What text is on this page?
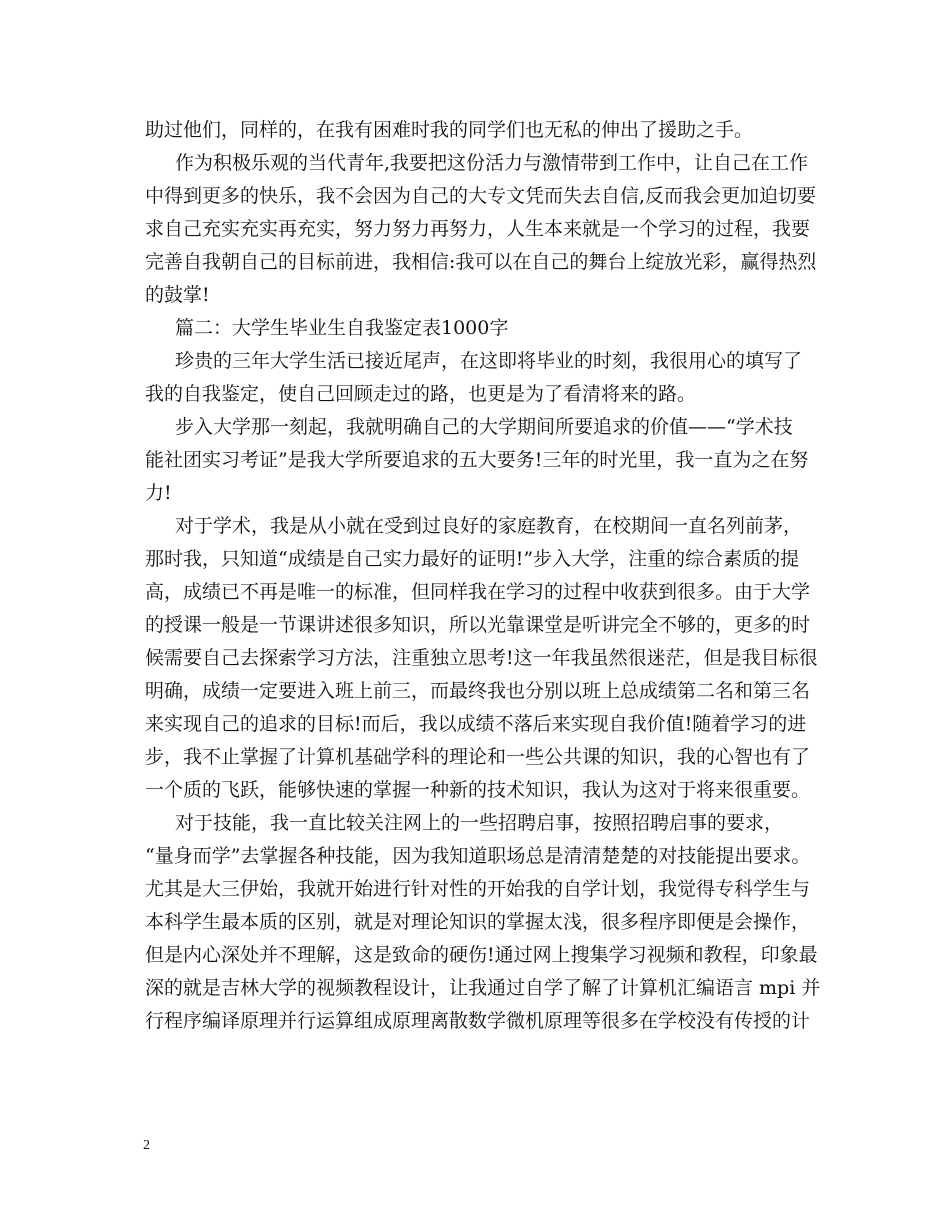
助过他们，同样的，在我有困难时我的同学们也无私的伸出了援助之手。
作为积极乐观的当代青年,我要把这份活力与激情带到工作中，让自己在工作
中得到更多的快乐，我不会因为自己的大专文凭而失去自信,反而我会更加迫切要
求自己充实充实再充实，努力努力再努力，人生本来就是一个学习的过程，我要
完善自我朝自己的目标前进，我相信:我可以在自己的舞台上绽放光彩，赢得热烈
的鼓掌!
篇二：大学生毕业生自我鉴定表1000字
珍贵的三年大学生活已接近尾声，在这即将毕业的时刻，我很用心的填写了
我的自我鉴定，使自己回顾走过的路，也更是为了看清将来的路。
步入大学那一刻起，我就明确自己的大学期间所要追求的价值——“学术技
能社团实习考证”是我大学所要追求的五大要务!三年的时光里，我一直为之在努
力!
对于学术，我是从小就在受到过良好的家庭教育，在校期间一直名列前茅，
那时我，只知道“成绩是自己实力最好的证明!”步入大学，注重的综合素质的提
高，成绩已不再是唯一的标准，但同样我在学习的过程中收获到很多。由于大学
的授课一般是一节课讲述很多知识，所以光靠课堂是听讲完全不够的，更多的时
候需要自己去探索学习方法，注重独立思考!这一年我虽然很迷茫，但是我目标很
明确，成绩一定要进入班上前三，而最终我也分别以班上总成绩第二名和第三名
来实现自己的追求的目标!而后，我以成绩不落后来实现自我价值!随着学习的进
步，我不止掌握了计算机基础学科的理论和一些公共课的知识，我的心智也有了
一个质的飞跃，能够快速的掌握一种新的技术知识，我认为这对于将来很重要。
对于技能，我一直比较关注网上的一些招聘启事，按照招聘启事的要求，
“量身而学”去掌握各种技能，因为我知道职场总是清清楚楚的对技能提出要求。
尤其是大三伊始，我就开始进行针对性的开始我的自学计划，我觉得专科学生与
本科学生最本质的区别，就是对理论知识的掌握太浅，很多程序即便是会操作，
但是内心深处并不理解，这是致命的硬伤!通过网上搜集学习视频和教程，印象最
深的就是吉林大学的视频教程设计，让我通过自学了解了计算机汇编语言 mpi 并
行程序编译原理并行运算组成原理离散数学微机原理等很多在学校没有传授的计
2
